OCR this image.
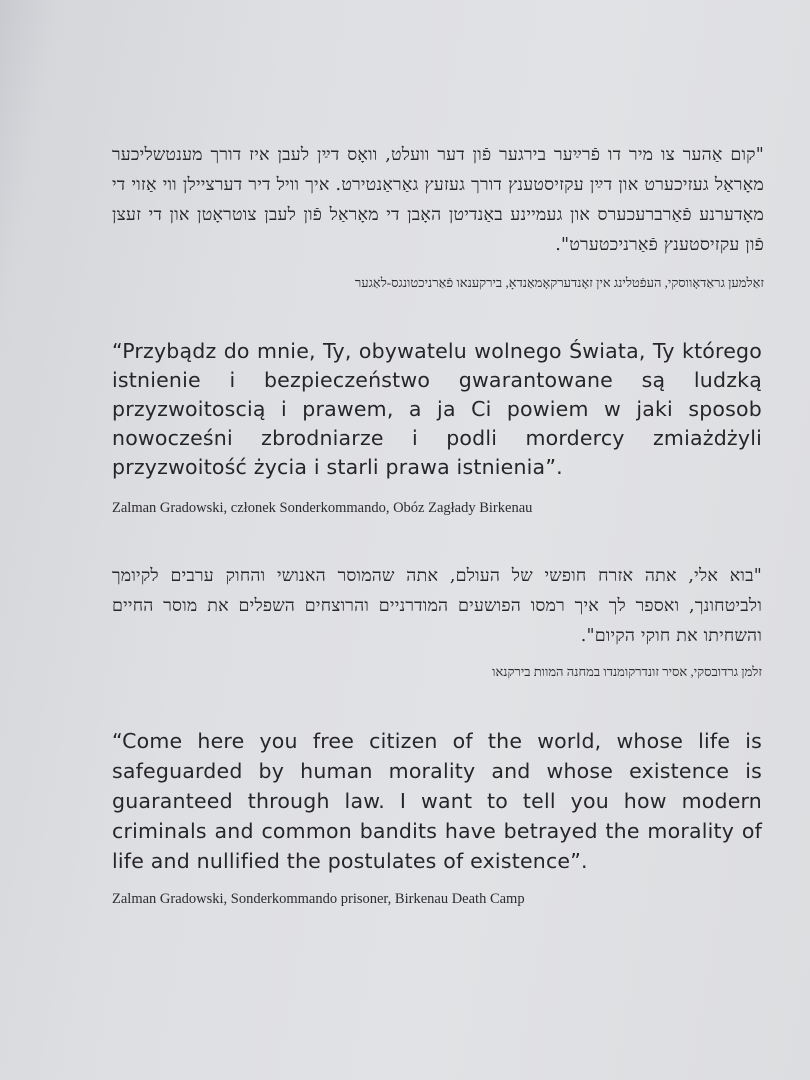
"קום אַהער צו מיר דו פֿרײַער בירגער פֿון דער וועלט, וואָס דײַן לעבן איז דורך מענטשליכער מאָראַל געזיכערט און דײַן עקזיסטענץ דורך געזעץ גאַראַנטירט. איך וויל דיר דערציילן ווי אַזוי די מאָדערנע פֿאַרברעכערס און געמיינע באַנדיטן האָבן די מאָראַל פֿון לעבן צוטראָטן און די זעצן פֿון עקזיסטענץ פֿאַרניכטערט".
זאַלמען גראַדאָווסקי, העפֿטלינג אין זאָנדערקאָמאַנדאָ, בירקענאו פֿאַרניכטונגס-לאַגער
“Przybądz do mnie, Ty, obywatelu wolnego Świata, Ty którego istnienie i bezpieczeństwo gwarantowane są ludzką przyzwoitoscią i prawem, a ja Ci powiem w jaki sposob nowocześni zbrodniarze i podli mordercy zmiażdżyli przyzwoitość życia i starli prawa istnienia”.
Zalman Gradowski, członek Sonderkommando, Obóz Zagłady Birkenau
"בוא אלי, אתה אזרח חופשי של העולם, אתה שהמוסר האנושי והחוק ערבים לקיומך ולביטחונך, ואספר לך איך רמסו הפושעים המודרניים והרוצחים השפלים את מוסר החיים והשחיתו את חוקי הקיום".
זלמן גרדובסקי, אסיר זונדרקומנדו במחנה המוות בירקנאו
“Come here you free citizen of the world, whose life is safeguarded by human morality and whose existence is guaranteed through law. I want to tell you how modern criminals and common bandits have betrayed the morality of life and nullified the postulates of existence”.
Zalman Gradowski, Sonderkommando prisoner, Birkenau Death Camp
